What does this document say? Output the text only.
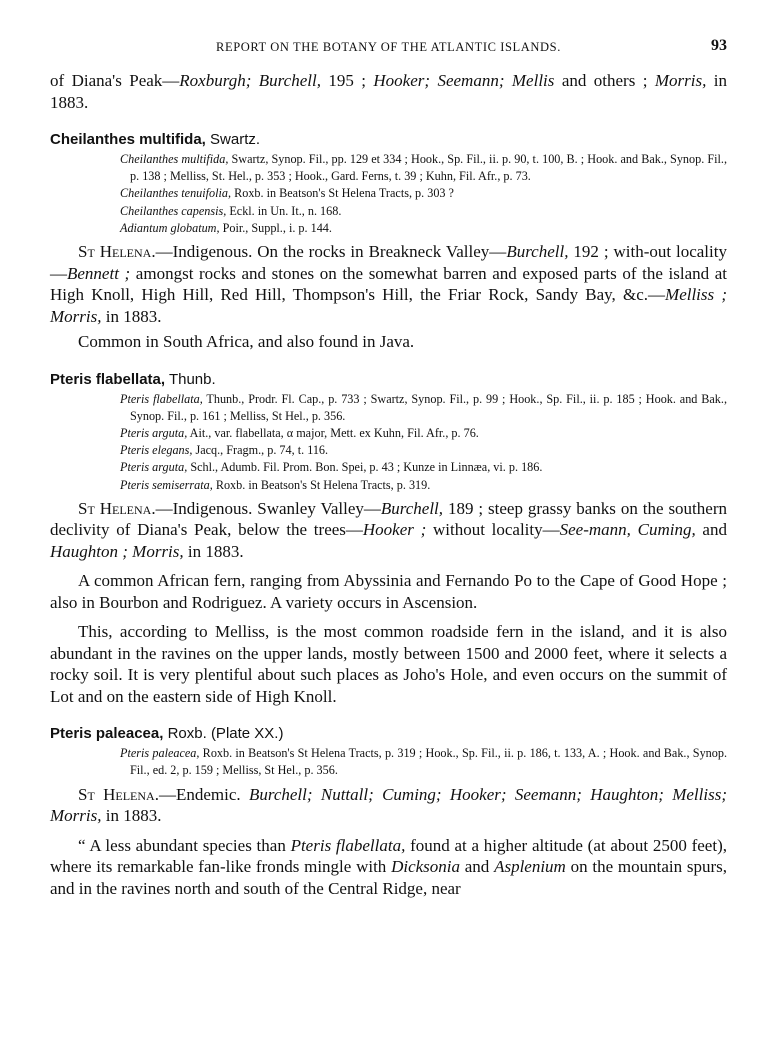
REPORT ON THE BOTANY OF THE ATLANTIC ISLANDS.	93

of Diana's Peak—Roxburgh; Burchell, 195 ; Hooker; Seemann; Mellis and others ; Morris, in 1883.

Cheilanthes multifida, Swartz.
Cheilanthes multifida, Swartz, Synop. Fil., pp. 129 et 334 ; Hook., Sp. Fil., ii. p. 90, t. 100, B. ; Hook. and Bak., Synop. Fil., p. 138 ; Melliss, St. Hel., p. 353 ; Hook., Gard. Ferns, t. 39 ; Kuhn, Fil. Afr., p. 73.
Cheilanthes tenuifolia, Roxb. in Beatson's St Helena Tracts, p. 303 ?
Cheilanthes capensis, Eckl. in Un. It., n. 168.
Adiantum globatum, Poir., Suppl., i. p. 144.

St Helena.—Indigenous. On the rocks in Breakneck Valley—Burchell, 192 ; with-out locality—Bennett ; amongst rocks and stones on the somewhat barren and exposed parts of the island at High Knoll, High Hill, Red Hill, Thompson's Hill, the Friar Rock, Sandy Bay, &c.—Melliss ; Morris, in 1883.

Common in South Africa, and also found in Java.

Pteris flabellata, Thunb.
Pteris flabellata, Thunb., Prodr. Fl. Cap., p. 733 ; Swartz, Synop. Fil., p. 99 ; Hook., Sp. Fil., ii. p. 185 ; Hook. and Bak., Synop. Fil., p. 161 ; Melliss, St Hel., p. 356.
Pteris arguta, Ait., var. flabellata, α major, Mett. ex Kuhn, Fil. Afr., p. 76.
Pteris elegans, Jacq., Fragm., p. 74, t. 116.
Pteris arguta, Schl., Adumb. Fil. Prom. Bon. Spei, p. 43 ; Kunze in Linnæa, vi. p. 186.
Pteris semiserrata, Roxb. in Beatson's St Helena Tracts, p. 319.

St Helena.—Indigenous. Swanley Valley—Burchell, 189 ; steep grassy banks on the southern declivity of Diana's Peak, below the trees—Hooker ; without locality—See-mann, Cuming, and Haughton ; Morris, in 1883.

A common African fern, ranging from Abyssinia and Fernando Po to the Cape of Good Hope ; also in Bourbon and Rodriguez. A variety occurs in Ascension.

This, according to Melliss, is the most common roadside fern in the island, and it is also abundant in the ravines on the upper lands, mostly between 1500 and 2000 feet, where it selects a rocky soil. It is very plentiful about such places as Joho's Hole, and even occurs on the summit of Lot and on the eastern side of High Knoll.

Pteris paleacea, Roxb. (Plate XX.)
Pteris paleacea, Roxb. in Beatson's St Helena Tracts, p. 319 ; Hook., Sp. Fil., ii. p. 186, t. 133, A. ; Hook. and Bak., Synop. Fil., ed. 2, p. 159 ; Melliss, St Hel., p. 356.

St Helena.—Endemic. Burchell; Nuttall; Cuming; Hooker; Seemann; Haughton; Melliss; Morris, in 1883.

“ A less abundant species than Pteris flabellata, found at a higher altitude (at about 2500 feet), where its remarkable fan-like fronds mingle with Dicksonia and Asplenium on the mountain spurs, and in the ravines north and south of the Central Ridge, near
